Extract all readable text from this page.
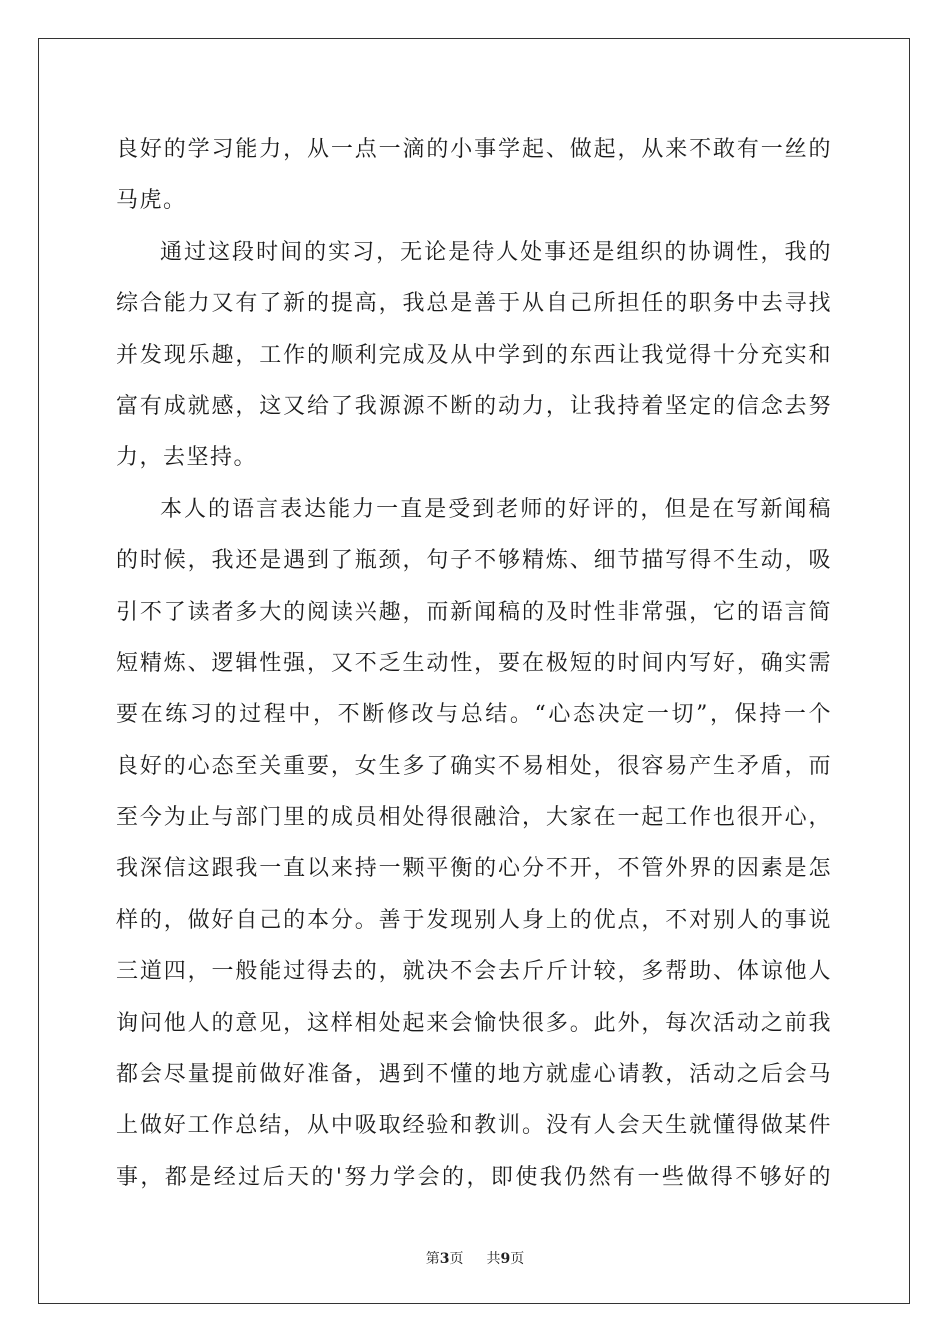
良好的学习能力，从一点一滴的小事学起、做起，从来不敢有一丝的
马虎。
通过这段时间的实习，无论是待人处事还是组织的协调性，我的
综合能力又有了新的提高，我总是善于从自己所担任的职务中去寻找
并发现乐趣，工作的顺利完成及从中学到的东西让我觉得十分充实和
富有成就感，这又给了我源源不断的动力，让我持着坚定的信念去努
力，去坚持。
本人的语言表达能力一直是受到老师的好评的，但是在写新闻稿
的时候，我还是遇到了瓶颈，句子不够精炼、细节描写得不生动，吸
引不了读者多大的阅读兴趣，而新闻稿的及时性非常强，它的语言简
短精炼、逻辑性强，又不乏生动性，要在极短的时间内写好，确实需
要在练习的过程中，不断修改与总结。“心态决定一切”，保持一个
良好的心态至关重要，女生多了确实不易相处，很容易产生矛盾，而
至今为止与部门里的成员相处得很融洽，大家在一起工作也很开心，
我深信这跟我一直以来持一颗平衡的心分不开，不管外界的因素是怎
样的，做好自己的本分。善于发现别人身上的优点，不对别人的事说
三道四，一般能过得去的，就决不会去斤斤计较，多帮助、体谅他人
询问他人的意见，这样相处起来会愉快很多。此外，每次活动之前我
都会尽量提前做好准备，遇到不懂的地方就虚心请教，活动之后会马
上做好工作总结，从中吸取经验和教训。没有人会天生就懂得做某件
事，都是经过后天的'努力学会的，即使我仍然有一些做得不够好的
第3页 共9页
